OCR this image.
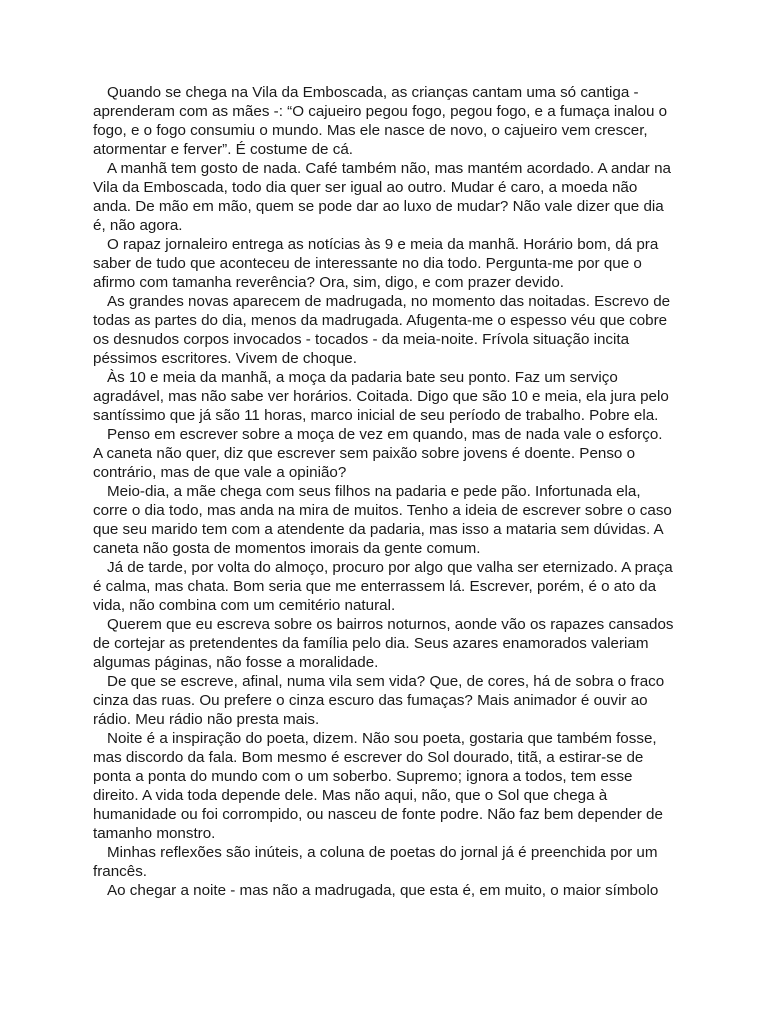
Quando se chega na Vila da Emboscada, as crianças cantam uma só cantiga - aprenderam com as mães -: “O cajueiro pegou fogo, pegou fogo, e a fumaça inalou o fogo, e o fogo consumiu o mundo. Mas ele nasce de novo, o cajueiro vem crescer, atormentar e ferver”. É costume de cá.

A manhã tem gosto de nada. Café também não, mas mantém acordado. A andar na Vila da Emboscada, todo dia quer ser igual ao outro. Mudar é caro, a moeda não anda. De mão em mão, quem se pode dar ao luxo de mudar? Não vale dizer que dia é, não agora.

O rapaz jornaleiro entrega as notícias às 9 e meia da manhã. Horário bom, dá pra saber de tudo que aconteceu de interessante no dia todo. Pergunta-me por que o afirmo com tamanha reverência? Ora, sim, digo, e com prazer devido.

As grandes novas aparecem de madrugada, no momento das noitadas. Escrevo de todas as partes do dia, menos da madrugada. Afugenta-me o espesso véu que cobre os desnudos corpos invocados - tocados - da meia-noite. Frívola situação incita péssimos escritores. Vivem de choque.

Às 10 e meia da manhã, a moça da padaria bate seu ponto. Faz um serviço agradável, mas não sabe ver horários. Coitada. Digo que são 10 e meia, ela jura pelo santíssimo que já são 11 horas, marco inicial de seu período de trabalho. Pobre ela.

Penso em escrever sobre a moça de vez em quando, mas de nada vale o esforço. A caneta não quer, diz que escrever sem paixão sobre jovens é doente. Penso o contrário, mas de que vale a opinião?

Meio-dia, a mãe chega com seus filhos na padaria e pede pão. Infortunada ela, corre o dia todo, mas anda na mira de muitos. Tenho a ideia de escrever sobre o caso que seu marido tem com a atendente da padaria, mas isso a mataria sem dúvidas. A caneta não gosta de momentos imorais da gente comum.

Já de tarde, por volta do almoço, procuro por algo que valha ser eternizado. A praça é calma, mas chata. Bom seria que me enterrassem lá. Escrever, porém, é o ato da vida, não combina com um cemitério natural.

Querem que eu escreva sobre os bairros noturnos, aonde vão os rapazes cansados de cortejar as pretendentes da família pelo dia. Seus azares enamorados valeriam algumas páginas, não fosse a moralidade.

De que se escreve, afinal, numa vila sem vida? Que, de cores, há de sobra o fraco cinza das ruas. Ou prefere o cinza escuro das fumaças? Mais animador é ouvir ao rádio. Meu rádio não presta mais.

Noite é a inspiração do poeta, dizem. Não sou poeta, gostaria que também fosse, mas discordo da fala. Bom mesmo é escrever do Sol dourado, titã, a estirar-se de ponta a ponta do mundo com o um soberbo. Supremo; ignora a todos, tem esse direito. A vida toda depende dele. Mas não aqui, não, que o Sol que chega à humanidade ou foi corrompido, ou nasceu de fonte podre. Não faz bem depender de tamanho monstro.

Minhas reflexões são inúteis, a coluna de poetas do jornal já é preenchida por um francês.

Ao chegar a noite - mas não a madrugada, que esta é, em muito, o maior símbolo
